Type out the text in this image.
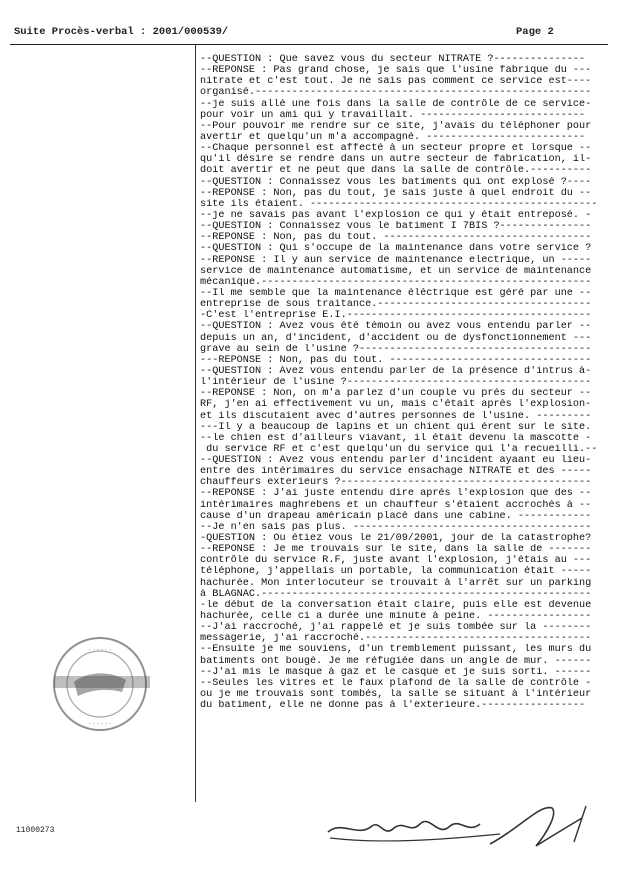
Suite Procès-verbal : 2001/000539/	Page 2
--QUESTION : Que savez vous du secteur NITRATE ?---------------
--REPONSE : Pas grand chose, je sais que l'usine fabrique du ---
nitrate et c'est tout. Je ne sais pas comment ce service est----
organisé.-------------------------------------------------------
--je suis allé une fois dans la salle de contrôle de ce service-
pour voir un ami qui y travaillait. ---------------------------
--Pour pouvoir me rendre sur ce site, j'avais du téléphoner pour
avertir et quelqu'un m'a accompagné. --------------------------
--Chaque personnel est affecté à un secteur propre et lorsque --
qu'il désire se rendre dans un autre secteur de fabrication, il-
doit avertir et ne peut que dans la salle de contrôle.----------
--QUESTION : Connaissez vous les batiments qui ont explosé ?----
--REPONSE : Non, pas du tout, je sais juste à quel endroit du --
site ils étaient. -----------------------------------------------
--je ne savais pas avant l'explosion ce qui y était entreposé. -
--QUESTION : Connaissez vous le batiment I 7BIS ?---------------
--REPONSE : Non, pas du tout. ----------------------------------
--QUESTION : Qui s'occupe de la maintenance dans votre service ?
--REPONSE : Il y aun service de maintenance electrique, un -----
service de maintenance automatisme, et un service de maintenance
mécanique.------------------------------------------------------
--Il me semble que la maintenance éléctrique est géré par une --
entreprise de sous traitance.-----------------------------------
-C'est l'entreprise E.I.----------------------------------------
--QUESTION : Avez vous été témoin ou avez vous entendu parler --
depuis un an, d'incident, d'accident ou de dysfonctionnement ---
grave au sein de l'usine ?--------------------------------------
---REPONSE : Non, pas du tout. ---------------------------------
--QUESTION : Avez vous entendu parler de la présence d'intrus à-
l'intérieur de l'usine ?----------------------------------------
--REPONSE : Non, on m'a parlez d'un couple vu prés du secteur --
RF, j'en ai effectivement vu un, mais c'était aprés l'explosion-
et ils discutaient avec d'autres personnes de l'usine. ---------
---Il y a beaucoup de lapins et un chient qui érent sur le site.
--le chien est d'ailleurs viavant, il était devenu la mascotte -
du service RF et c'est quelqu'un du service qui l'a recueilli.--
--QUESTION : Avez vous entendu parler d'incident ayaant eu lieu-
entre des intérimaires du service ensachage NITRATE et des -----
chauffeurs exterieurs ?-----------------------------------------
--REPONSE : J'ai juste entendu dire aprés l'explosion que des --
intérimaires maghrebens et un chauffeur s'étaient accrochés à --
cause d'un drapeau américain placé dans une cabine. ------------
--Je n'en sais pas plus. ---------------------------------------
-QUESTION : Ou étiez vous le 21/09/2001, jour de la catastrophe?
--REPONSE : Je me trouvais sur le site, dans la salle de -------
contrôle du service R.F, juste avant l'explosion, j'étais au ---
téléphone, j'appellais un portable, la communication était -----
hachurée. Mon interlocuteur se trouvait à l'arrêt sur un parking
à BLAGNAC.------------------------------------------------------
-le début de la conversation était claire, puis elle est devenue
hachurée, celle ci a durée une minute à peine. -----------------
--J'ai raccroché, j'ai rappelé et je suis tombée sur la --------
messagerie, j'ai raccroché.-------------------------------------
--Ensuite je me souviens, d'un tremblement puissant, les murs du
batiments ont bougé. Je me réfugiée dans un angle de mur. ------
--J'ai mis le masque à gaz et le casque et je suis sorti. ------
--Seules les vitres et le faux plafond de la salle de contrôle -
ou je me trouvais sont tombés, la salle se situant à l'intérieur
du batiment, elle ne donne pas à l'exterieure.-----------------
· · · · · ·
· · · · · ·
11000273
